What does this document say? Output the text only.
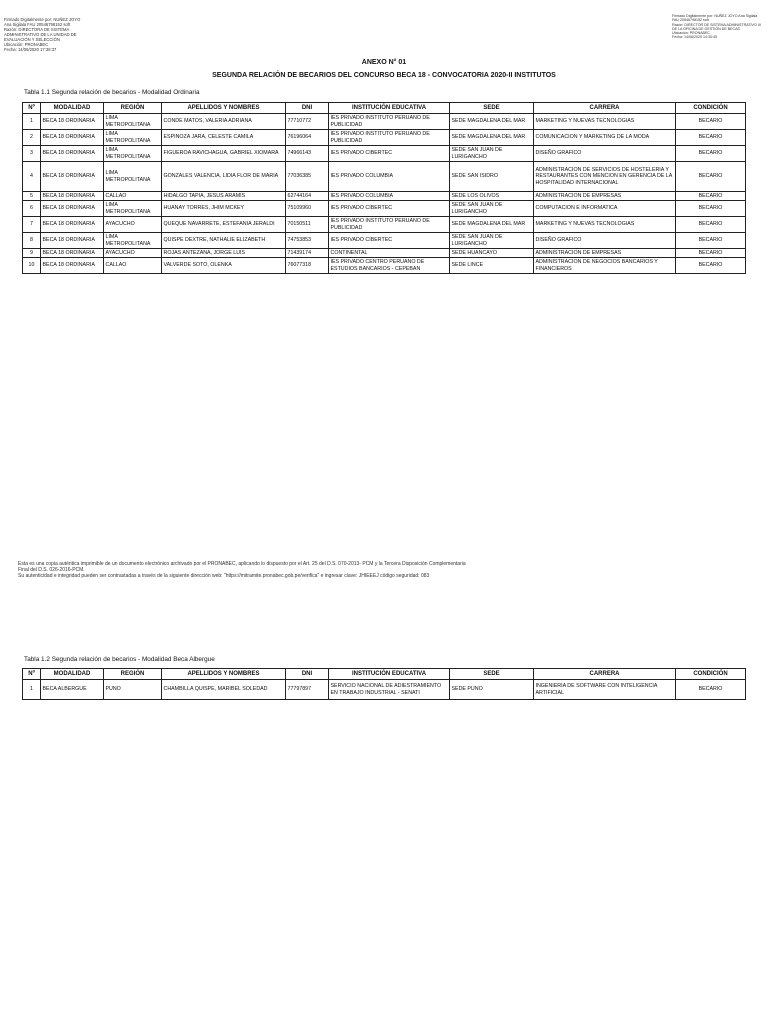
Firmado Digitalmente por: NUÑEZ JOYO
Ana Sigilala FAU 20546798152 soft
Razón: DIRECTORA DE SISTEMA
ADMINISTRATIVO DE LA UNIDAD DE
EVALUACIÓN Y SELECCIÓN
Ubicación: PRONABEC
Fecha: 14/06/2020 17:38:37
Firmado Digitalmente por: NUÑEZ JOYO Ana Sigilala
FAU 20546798152 soft
Razón: DIRECTOR DE SISTEMA ADMINISTRATIVO III
DE LA OFICINA DE GESTIÓN DE BECAS
Ubicación: PRONABEC
Fecha: 14/06/2020 14:30:45
ANEXO N° 01
SEGUNDA RELACIÓN DE BECARIOS DEL CONCURSO BECA 18 - CONVOCATORIA 2020-II INSTITUTOS
Tabla 1.1 Segunda relación de becarios - Modalidad Ordinaria
Nº	MODALIDAD	REGIÓN	APELLIDOS Y NOMBRES	DNI	INSTITUCIÓN EDUCATIVA	SEDE	CARRERA	CONDICIÓN
1	BECA 18 ORDINARIA	LIMA METROPOLITANA	CONDE MATOS, VALERIA ADRIANA	77710772	IES PRIVADO INSTITUTO PERUANO DE PUBLICIDAD	SEDE MAGDALENA DEL MAR	MARKETING Y NUEVAS TECNOLOGIAS	BECARIO
2	BECA 18 ORDINARIA	LIMA METROPOLITANA	ESPINOZA JARA, CELESTE CAMILA	76196064	IES PRIVADO INSTITUTO PERUANO DE PUBLICIDAD	SEDE MAGDALENA DEL MAR	COMUNICACION Y MARKETING DE LA MODA	BECARIO
3	BECA 18 ORDINARIA	LIMA METROPOLITANA	FIGUEROA RAVICHAGUA, GABRIEL XIOMARA	74966143	IES PRIVADO CIBERTEC	SEDE SAN JUAN DE LURIGANCHO	DISEÑO GRAFICO	BECARIO
4	BECA 18 ORDINARIA	LIMA METROPOLITANA	GONZALES VALENCIA, LIDIA FLOR DE MARIA	77036385	IES PRIVADO COLUMBIA	SEDE SAN ISIDRO	ADMINISTRACION DE SERVICIOS DE HOSTELERIA Y RESTAURANTES CON MENCION EN GERENCIA DE LA HOSPITALIDAD INTERNACIONAL	BECARIO
5	BECA 18 ORDINARIA	CALLAO	HIDALGO TAPIA, JESUS ARAMIS	62744164	IES PRIVADO COLUMBIA	SEDE LOS OLIVOS	ADMINISTRACION DE EMPRESAS	BECARIO
6	BECA 18 ORDINARIA	LIMA METROPOLITANA	HUANAY TORRES, JHIM MCKEY	75109960	IES PRIVADO CIBERTEC	SEDE SAN JUAN DE LURIGANCHO	COMPUTACION E INFORMATICA	BECARIO
7	BECA 18 ORDINARIA	AYACUCHO	QUEQUE NAVARRETE, ESTEFANIA JERALDI	70150511	IES PRIVADO INSTITUTO PERUANO DE PUBLICIDAD	SEDE MAGDALENA DEL MAR	MARKETING Y NUEVAS TECNOLOGIAS	BECARIO
8	BECA 18 ORDINARIA	LIMA METROPOLITANA	QUISPE DEXTRE, NATHALIE ELIZABETH	74753853	IES PRIVADO CIBERTEC	SEDE SAN JUAN DE LURIGANCHO	DISEÑO GRAFICO	BECARIO
9	BECA 18 ORDINARIA	AYACUCHO	ROJAS ANTEZANA, JORGE LUIS	71439174	CONTINENTAL	SEDE HUANCAYO	ADMINISTRACION DE EMPRESAS	BECARIO
10	BECA 18 ORDINARIA	CALLAO	VALVERDE SOTO, OLENKA	76077318	IES PRIVADO CENTRO PERUANO DE ESTUDIOS BANCARIOS - CEPEBAN	SEDE LINCE	ADMINISTRACION DE NEGOCIOS BANCARIOS Y FINANCIEROS	BECARIO
Esta es una copia auténtica imprimible de un documento electrónico archivado por el PRONABEC, aplicando lo dispuesto por el Art. 25 del D.S. 070-2013- PCM y la Tercera Disposición Complementaria
Final del D.S. 026-2016-PCM.
Su autenticidad e integridad pueden ser contrastadas a través de la siguiente dirección web: "https://mitramite.pronabec.gob.pe/verifica" e ingresar clave: JHIEEEJ código seguridad: 083
Tabla 1.2 Segunda relación de becarios - Modalidad Beca Albergue
Nº	MODALIDAD	REGIÓN	APELLIDOS Y NOMBRES	DNI	INSTITUCIÓN EDUCATIVA	SEDE	CARRERA	CONDICIÓN
1	BECA ALBERGUE	PUNO	CHAMBILLA QUISPE, MARIBEL SOLEDAD	77797897	SERVICIO NACIONAL DE ADIESTRAMIENTO EN TRABAJO INDUSTRIAL - SENATI	SEDE PUNO	INGENIERIA DE SOFTWARE CON INTELIGENCIA ARTIFICIAL	BECARIO
